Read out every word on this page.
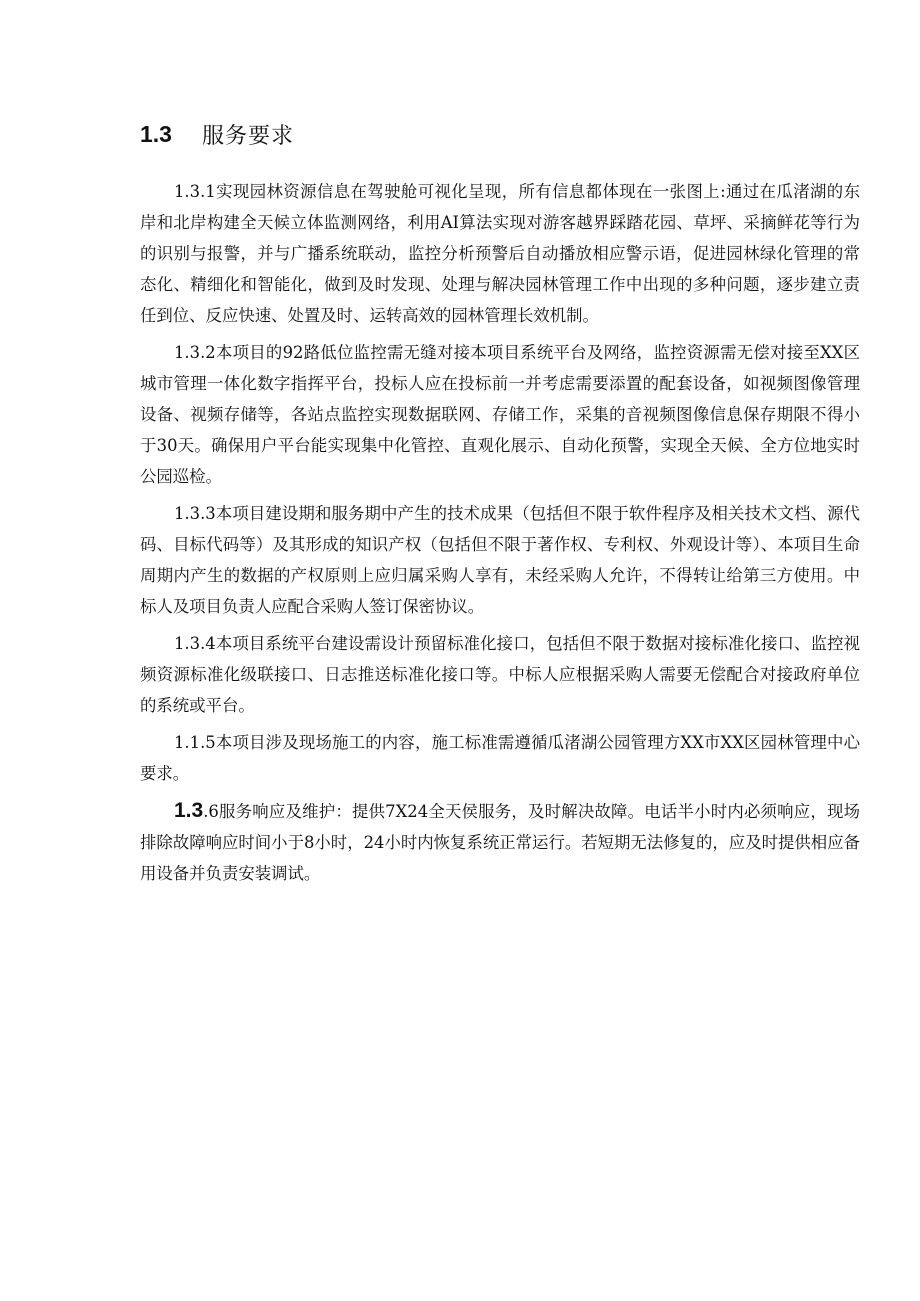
1.3	服务要求

1.3.1实现园林资源信息在驾驶舱可视化呈现，所有信息都体现在一张图上:通过在瓜渚湖的东岸和北岸构建全天候立体监测网络，利用AI算法实现对游客越界踩踏花园、草坪、采摘鲜花等行为的识别与报警，并与广播系统联动，监控分析预警后自动播放相应警示语，促进园林绿化管理的常态化、精细化和智能化，做到及时发现、处理与解决园林管理工作中出现的多种问题，逐步建立责任到位、反应快速、处置及时、运转高效的园林管理长效机制。

1.3.2本项目的92路低位监控需无缝对接本项目系统平台及网络，监控资源需无偿对接至XX区城市管理一体化数字指挥平台，投标人应在投标前一并考虑需要添置的配套设备，如视频图像管理设备、视频存储等，各站点监控实现数据联网、存储工作，采集的音视频图像信息保存期限不得小于30天。确保用户平台能实现集中化管控、直观化展示、自动化预警，实现全天候、全方位地实时公园巡检。

1.3.3本项目建设期和服务期中产生的技术成果（包括但不限于软件程序及相关技术文档、源代码、目标代码等）及其形成的知识产权（包括但不限于著作权、专利权、外观设计等）、本项目生命周期内产生的数据的产权原则上应归属采购人享有，未经采购人允许，不得转让给第三方使用。中标人及项目负责人应配合采购人签订保密协议。

1.3.4本项目系统平台建设需设计预留标准化接口，包括但不限于数据对接标准化接口、监控视频资源标准化级联接口、日志推送标准化接口等。中标人应根据采购人需要无偿配合对接政府单位的系统或平台。

1.1.5本项目涉及现场施工的内容，施工标准需遵循瓜渚湖公园管理方XX市XX区园林管理中心要求。

1.3.6服务响应及维护：提供7X24全天侯服务，及时解决故障。电话半小时内必须响应，现场排除故障响应时间小于8小时，24小时内恢复系统正常运行。若短期无法修复的，应及时提供相应备用设备并负责安装调试。
